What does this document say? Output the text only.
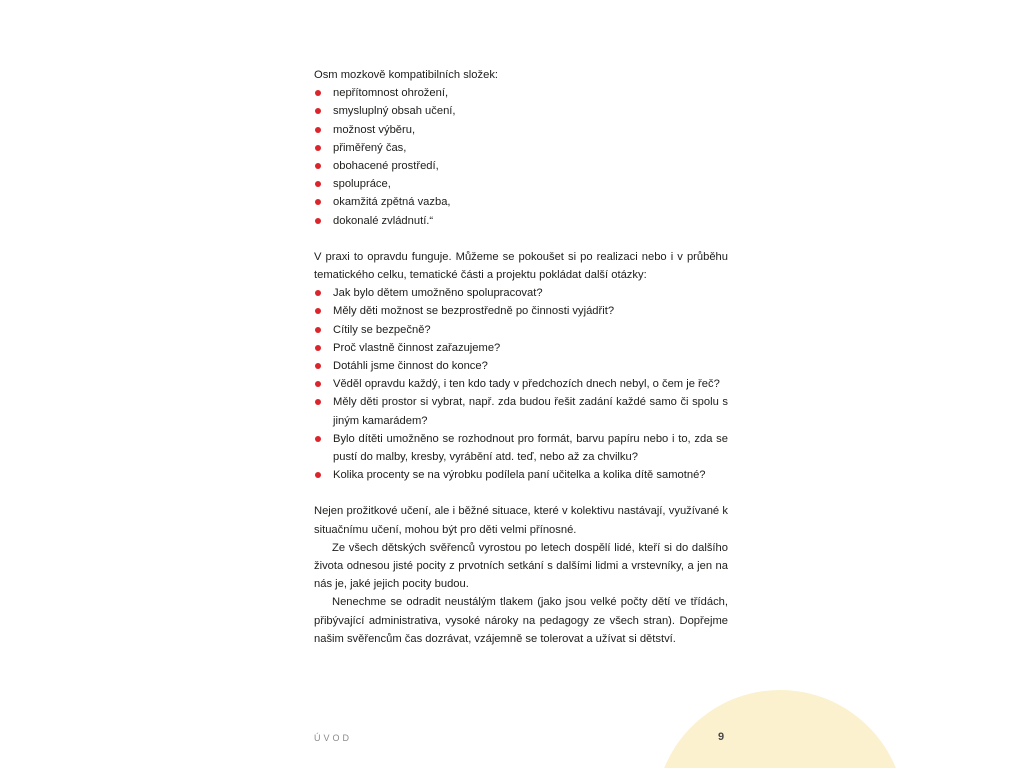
Osm mozkově kompatibilních složek:

nepřítomnost ohrožení,
smysluplný obsah učení,
možnost výběru,
přiměřený čas,
obohacené prostředí,
spolupráce,
okamžitá zpětná vazba,
dokonalé zvládnutí.“

V praxi to opravdu funguje. Můžeme se pokoušet si po realizaci nebo i v průběhu tematického celku, tematické části a projektu pokládat další otázky:

Jak bylo dětem umožněno spolupracovat?
Měly děti možnost se bezprostředně po činnosti vyjádřit?
Cítily se bezpečně?
Proč vlastně činnost zařazujeme?
Dotáhli jsme činnost do konce?
Věděl opravdu každý, i ten kdo tady v předchozích dnech nebyl, o čem je řeč?
Měly děti prostor si vybrat, např. zda budou řešit zadání každé samo či spolu s jiným kamarádem?
Bylo dítěti umožněno se rozhodnout pro formát, barvu papíru nebo i to, zda se pustí do malby, kresby, vyrábění atd. teď, nebo až za chvilku?
Kolika procenty se na výrobku podílela paní učitelka a kolika dítě samotné?

Nejen prožitkové učení, ale i běžné situace, které v kolektivu nastávají, využívané k situačnímu učení, mohou být pro děti velmi přínosné.

Ze všech dětských svěřenců vyrostou po letech dospělí lidé, kteří si do dalšího života odnesou jisté pocity z prvotních setkání s dalšími lidmi a vrstevníky, a jen na nás je, jaké jejich pocity budou.

Nenechme se odradit neustálým tlakem (jako jsou velké počty dětí ve třídách, přibývající administrativa, vysoké nároky na pedagogy ze všech stran). Dopřejme našim svěřencům čas dozrávat, vzájemně se tolerovat a užívat si dětství.

ÚVOD	9
